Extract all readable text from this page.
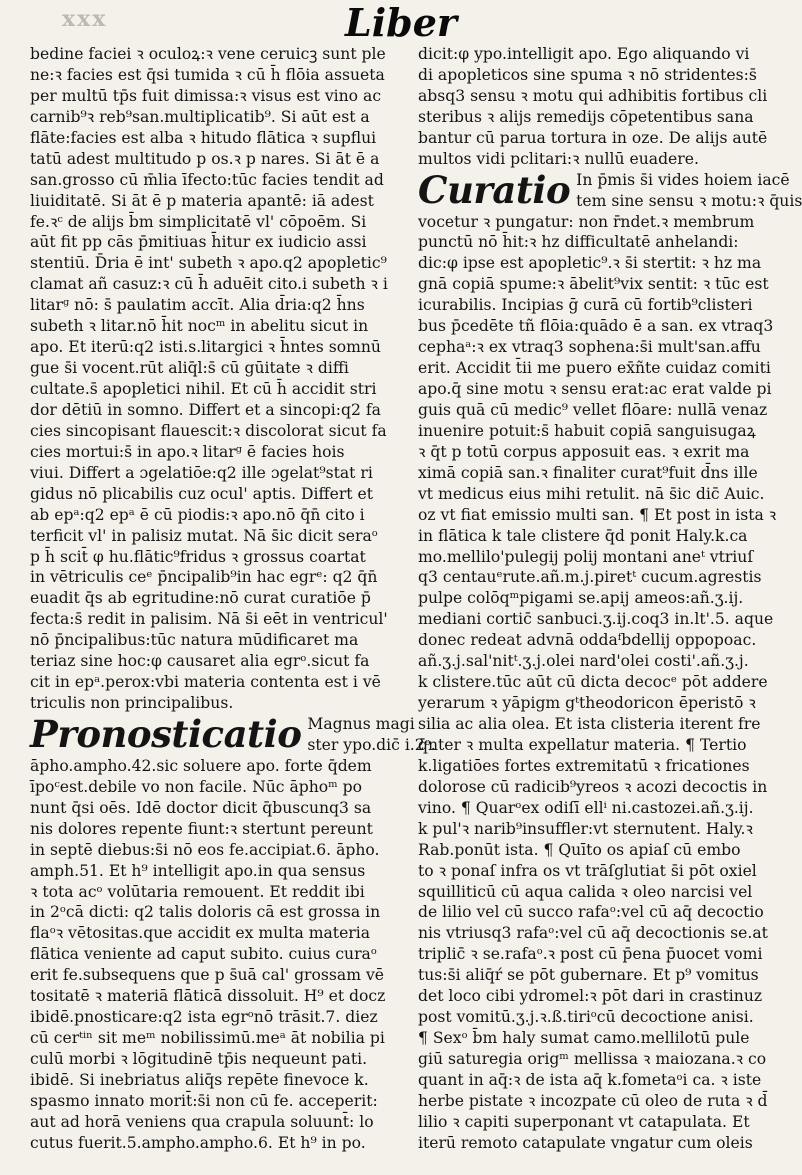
xxx	Liber
bedine faciei ꝛ oculoꝝ:ꝛ vene ceruicꝫ sunt ple
ne:ꝛ facies est q̄si tumida ꝛ cū h̄ flōia assueta
per multū tp̄s fuit dimissa:ꝛ visus est vino ac
carnib⁹ꝛ reb⁹san.multiplicatib⁹. Si aūt est a
flāte:facies est alba ꝛ hitudo flātica ꝛ supflui
tatū adest multitudo p os.ꝛ p nares. Si āt ē a
san.grosso cū m̄lia īfecto:tūc facies tendit ad
liuiditatē. Si āt ē p materia apantē: iā adest
fe.ꝛᶜ de alijs b̄m simplicitatē vl' cōpoēm. Si
aūt fit pp cās p̄mitiuas h̄itur ex iudicio assi
stentiū. D̄ria ē int' subeth ꝛ apo.q2 apopletic⁹
clamat añ casuz:ꝛ cū h̄ aduēit cito.i subeth ꝛ i
litarᵍ nō: s̄ paulatim accīt. Alia d̄ria:q2 h̄ns
subeth ꝛ litar.nō h̄it nocᵐ in abelitu sicut in
apo. Et iterū:q2 isti.s.litargici ꝛ h̄ntes somnū
gue s̄i vocent.rūt aliq̄l:s̄ cū gūitate ꝛ diffi
cultate.s̄ apopletici nihil. Et cū h̄ accidit stri
dor dētiū in somno. Differt et a sincopi:q2 fa
cies sincopisant flauescit:ꝛ discolorat sicut fa
cies mortui:s̄ in apo.ꝛ litarᵍ ē facies hois
viui. Differt a ɔgelatiōe:q2 ille ɔgelat⁹stat ri
gidus nō plicabilis cuz ocul' aptis. Differt et
ab epᵃ:q2 epᵃ ē cū piodis:ꝛ apo.nō q̄n̄ cito i
terficit vl' in palisiz mutat. Nā s̄ic dicit seraᵒ
p h̄ scit̄ φ hu.flātic⁹fridus ꝛ grossus coartat
in vētriculis ceᵉ p̄ncipalib⁹in hac egrᵉ: q2 q̄n̄
euadit q̄s ab egritudine:nō curat curatiōe p̄
fecta:s̄ redit in palisim. Nā s̄i eēt in ventricul'
nō p̄ncipalibus:tūc natura mūdificaret ma
teriaz sine hoc:φ causaret alia egrᵒ.sicut fa
cit in epᵃ.perox:vbi materia contenta est i vē
triculis non principalibus.
Pronosticatio Magnus magi
ster ypo.dic̄ i.2ᵒ.
āpho.ampho.42.sic soluere apo. forte q̄dem
īpoᶜest.debile vo non facile. Nūc āphoᵐ po
nunt q̄si oēs. Idē doctor dicit q̄buscunq3 sa
nis dolores repente fiunt:ꝛ stertunt pereunt
in septē diebus:s̄i nō eos fe.accipiat.6. āpho.
amph.51. Et h⁹ intelligit apo.in qua sensus
ꝛ tota acᵒ volūtaria remouent. Et reddit ibi
in 2ᵒcā dicti: q2 talis doloris cā est grossa in
flaᵒꝛ vētositas.que accidit ex multa materia
flātica veniente ad caput subito. cuius curaᵒ
erit fe.subsequens que p s̄uā cal' grossam vē
tositatē ꝛ materiā flāticā dissoluit. H⁹ et docz
ibidē.pnosticare:q2 ista egrᵒnō trāsit.7. diez
cū cerᵗⁱⁿ sit meᵐ nobilissimū.meᵃ āt nobilia pi
culū morbi ꝛ lōgitudinē tp̄is nequeunt pati.
ibidē. Si inebriatus aliq̄s repēte finevoce k.
spasmo innato morit̄:s̄i non cū fe. acceperit:
aut ad horā veniens qua crapula soluunt̄: lo
cutus fuerit.5.ampho.ampho.6. Et h⁹ in po.
dicit:φ ypo.intelligit apo. Ego aliquando vi
di apopleticos sine spuma ꝛ nō stridentes:s̄
absq3 sensu ꝛ motu qui adhibitis fortibus cli
steribus ꝛ alijs remedijs cōpetentibus sana
bantur cū parua tortura in oze. De alijs autē
multos vidi pclitari:ꝛ nullū euadere.
Curatio In p̄mis s̄i vides hoiem iacē
tem sine sensu ꝛ motu:ꝛ q̄uis
vocetur ꝛ pungatur: non r̄ndet.ꝛ membrum
punctū nō h̄it:ꝛ hz difficultatē anhelandi:
dic:φ ipse est apopletic⁹.ꝛ s̄i stertit: ꝛ hz ma
gnā copiā spume:ꝛ ābelit⁹vix sentit: ꝛ tūc est
icurabilis. Incipias ḡ curā cū fortib⁹clisteri
bus p̄cedēte tñ flōia:quādo ē a san. ex vtraq3
cephaᵃ:ꝛ ex vtraq3 sophena:s̄i mult'san.affu
erit. Accidit t̄ii me puero ex̄ñte cuidaz comiti
apo.q̄ sine motu ꝛ sensu erat:ac erat valde pi
guis quā cū medic⁹ vellet flōare: nullā venaz
inuenire potuit:s̄ habuit copiā sanguisugaꝝ
ꝛ q̄t p totū corpus apposuit eas. ꝛ exrit ma
ximā copiā san.ꝛ finaliter curat⁹fuit d̄ns ille
vt medicus eius mihi retulit. nā s̄ic dic̄ Auic.
oz vt fiat emissio multi san. ¶ Et post in ista ꝛ
in flātica k tale clistere q̄d ponit Haly.k.ca
mo.mellilo'pulegij polij montani aneᵗ vtriuſ
q3 centauᵉrute.añ.m.j.piretᵗ cucum.agrestis
pulpe colōqᵐpigami se.apij ameos:añ.ʒ.ij.
mediani cortic̄ sanbuci.ʒ.ij.coq3 in.lt'.5. aque
donec redeat advnā oddaᶠbdellij oppopoac.
añ.ʒ.j.sal'nitᵗ.ʒ.j.olei nard'olei costi'.añ.ʒ.j.
k clistere.tūc aūt cū dicta decocᵉ pōt addere
yerarum ꝛ yāpigm gᵗtheodoricon ēperistō ꝛ
silia ac alia olea. Et ista clisteria iterent fre
q̄nter ꝛ multa expellatur materia. ¶ Tertio
k.ligatiōes fortes extremitatū ꝛ fricationes
dolorose cū radicib⁹yreos ꝛ acozi decoctis in
vino. ¶ Quarᵒex odiſī ellⁱ ni.castozei.añ.ʒ.ij.
k pul'ꝛ narib⁹insuffler:vt sternutent. Haly.ꝛ
Rab.ponūt ista. ¶ Quīto os apiaſ cū embo
to ꝛ ponaſ infra os vt trāſglutiat s̄i pōt oxiel
squilliticū cū aqua calida ꝛ oleo narcisi vel
de lilio vel cū succo rafaᵒ:vel cū aq̄ decoctio
nis vtriusq3 rafaᵒ:vel cū aq̄ decoctionis se.at
triplic̄ ꝛ se.rafaᵒ.ꝛ post cū p̄ena p̄uocet vomi
tus:s̄i aliq̄ŕ se pōt gubernare. Et p⁹ vomitus
det loco cibi ydromel:ꝛ pōt dari in crastinuz
post vomitū.ʒ.j.ꝛ.ß.tiriᵒcū decoctione anisi.
¶ Sexᵒ b̄m haly sumat camo.mellilotū pule
giū saturegia origᵐ mellissa ꝛ maiozana.ꝛ co
quant in aq̄:ꝛ de ista aq̄ k.fometaᵒi ca. ꝛ iste
herbe pistate ꝛ incozpate cū oleo de ruta ꝛ d̄
lilio ꝛ capiti superponant vt catapulata. Et
iterū remoto catapulate vngatur cum oleis
